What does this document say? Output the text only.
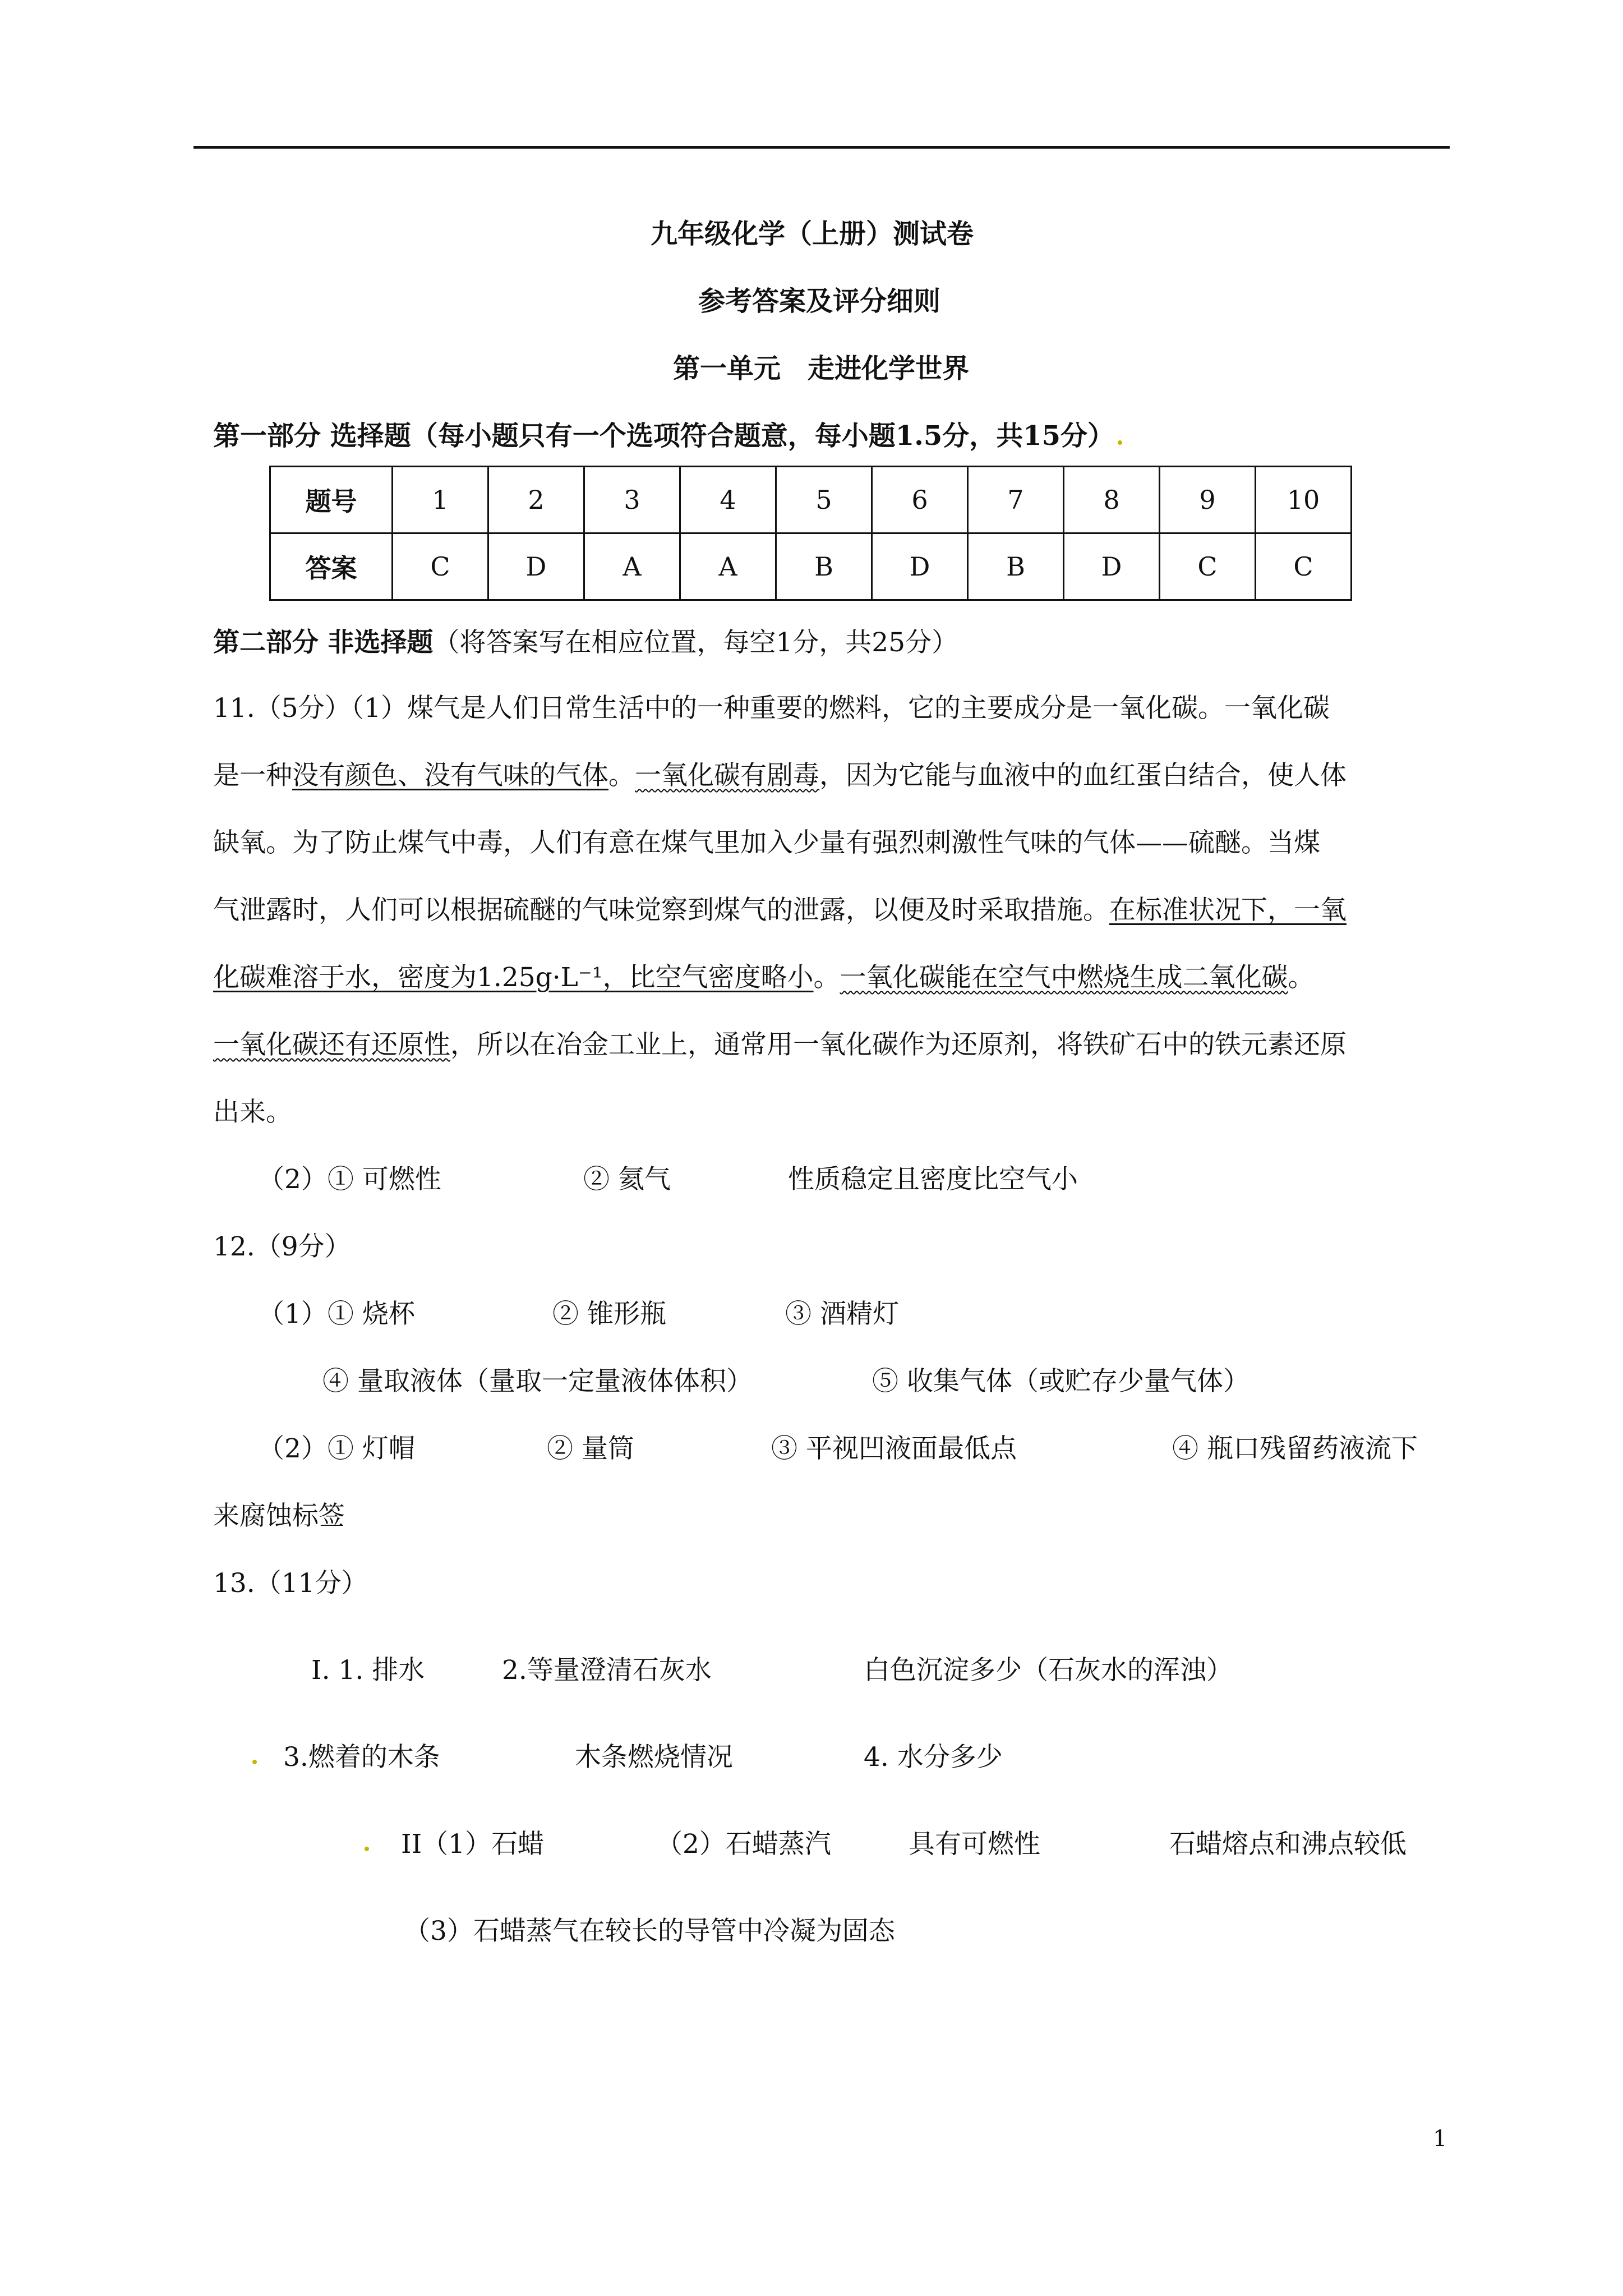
九年级化学（上册）测试卷
参考答案及评分细则
第一单元　走进化学世界
第一部分 选择题（每小题只有一个选项符合题意，每小题1.5分，共15分）
题号	1	2	3	4	5	6	7	8	9	10
答案	C	D	A	A	B	D	B	D	C	C
第二部分 非选择题（将答案写在相应位置，每空1分，共25分）
11.（5分）（1）煤气是人们日常生活中的一种重要的燃料，它的主要成分是一氧化碳。一氧化碳
是一种没有颜色、没有气味的气体。一氧化碳有剧毒，因为它能与血液中的血红蛋白结合，使人体
缺氧。为了防止煤气中毒，人们有意在煤气里加入少量有强烈刺激性气味的气体——硫醚。当煤
气泄露时，人们可以根据硫醚的气味觉察到煤气的泄露，以便及时采取措施。在标准状况下，一氧
化碳难溶于水，密度为1.25g·L⁻¹，比空气密度略小。一氧化碳能在空气中燃烧生成二氧化碳。
一氧化碳还有还原性，所以在冶金工业上，通常用一氧化碳作为还原剂，将铁矿石中的铁元素还原
出来。
（2）① 可燃性	② 氦气	性质稳定且密度比空气小
12.（9分）
（1）① 烧杯	② 锥形瓶	③ 酒精灯
④ 量取液体（量取一定量液体体积）	⑤ 收集气体（或贮存少量气体）
（2）① 灯帽	② 量筒	③ 平视凹液面最低点	④ 瓶口残留药液流下
来腐蚀标签
13.（11分）
I. 1. 排水	2.等量澄清石灰水	白色沉淀多少（石灰水的浑浊）
3.燃着的木条	木条燃烧情况	4. 水分多少
II（1）石蜡	（2）石蜡蒸汽	具有可燃性	石蜡熔点和沸点较低
（3）石蜡蒸气在较长的导管中冷凝为固态
1
